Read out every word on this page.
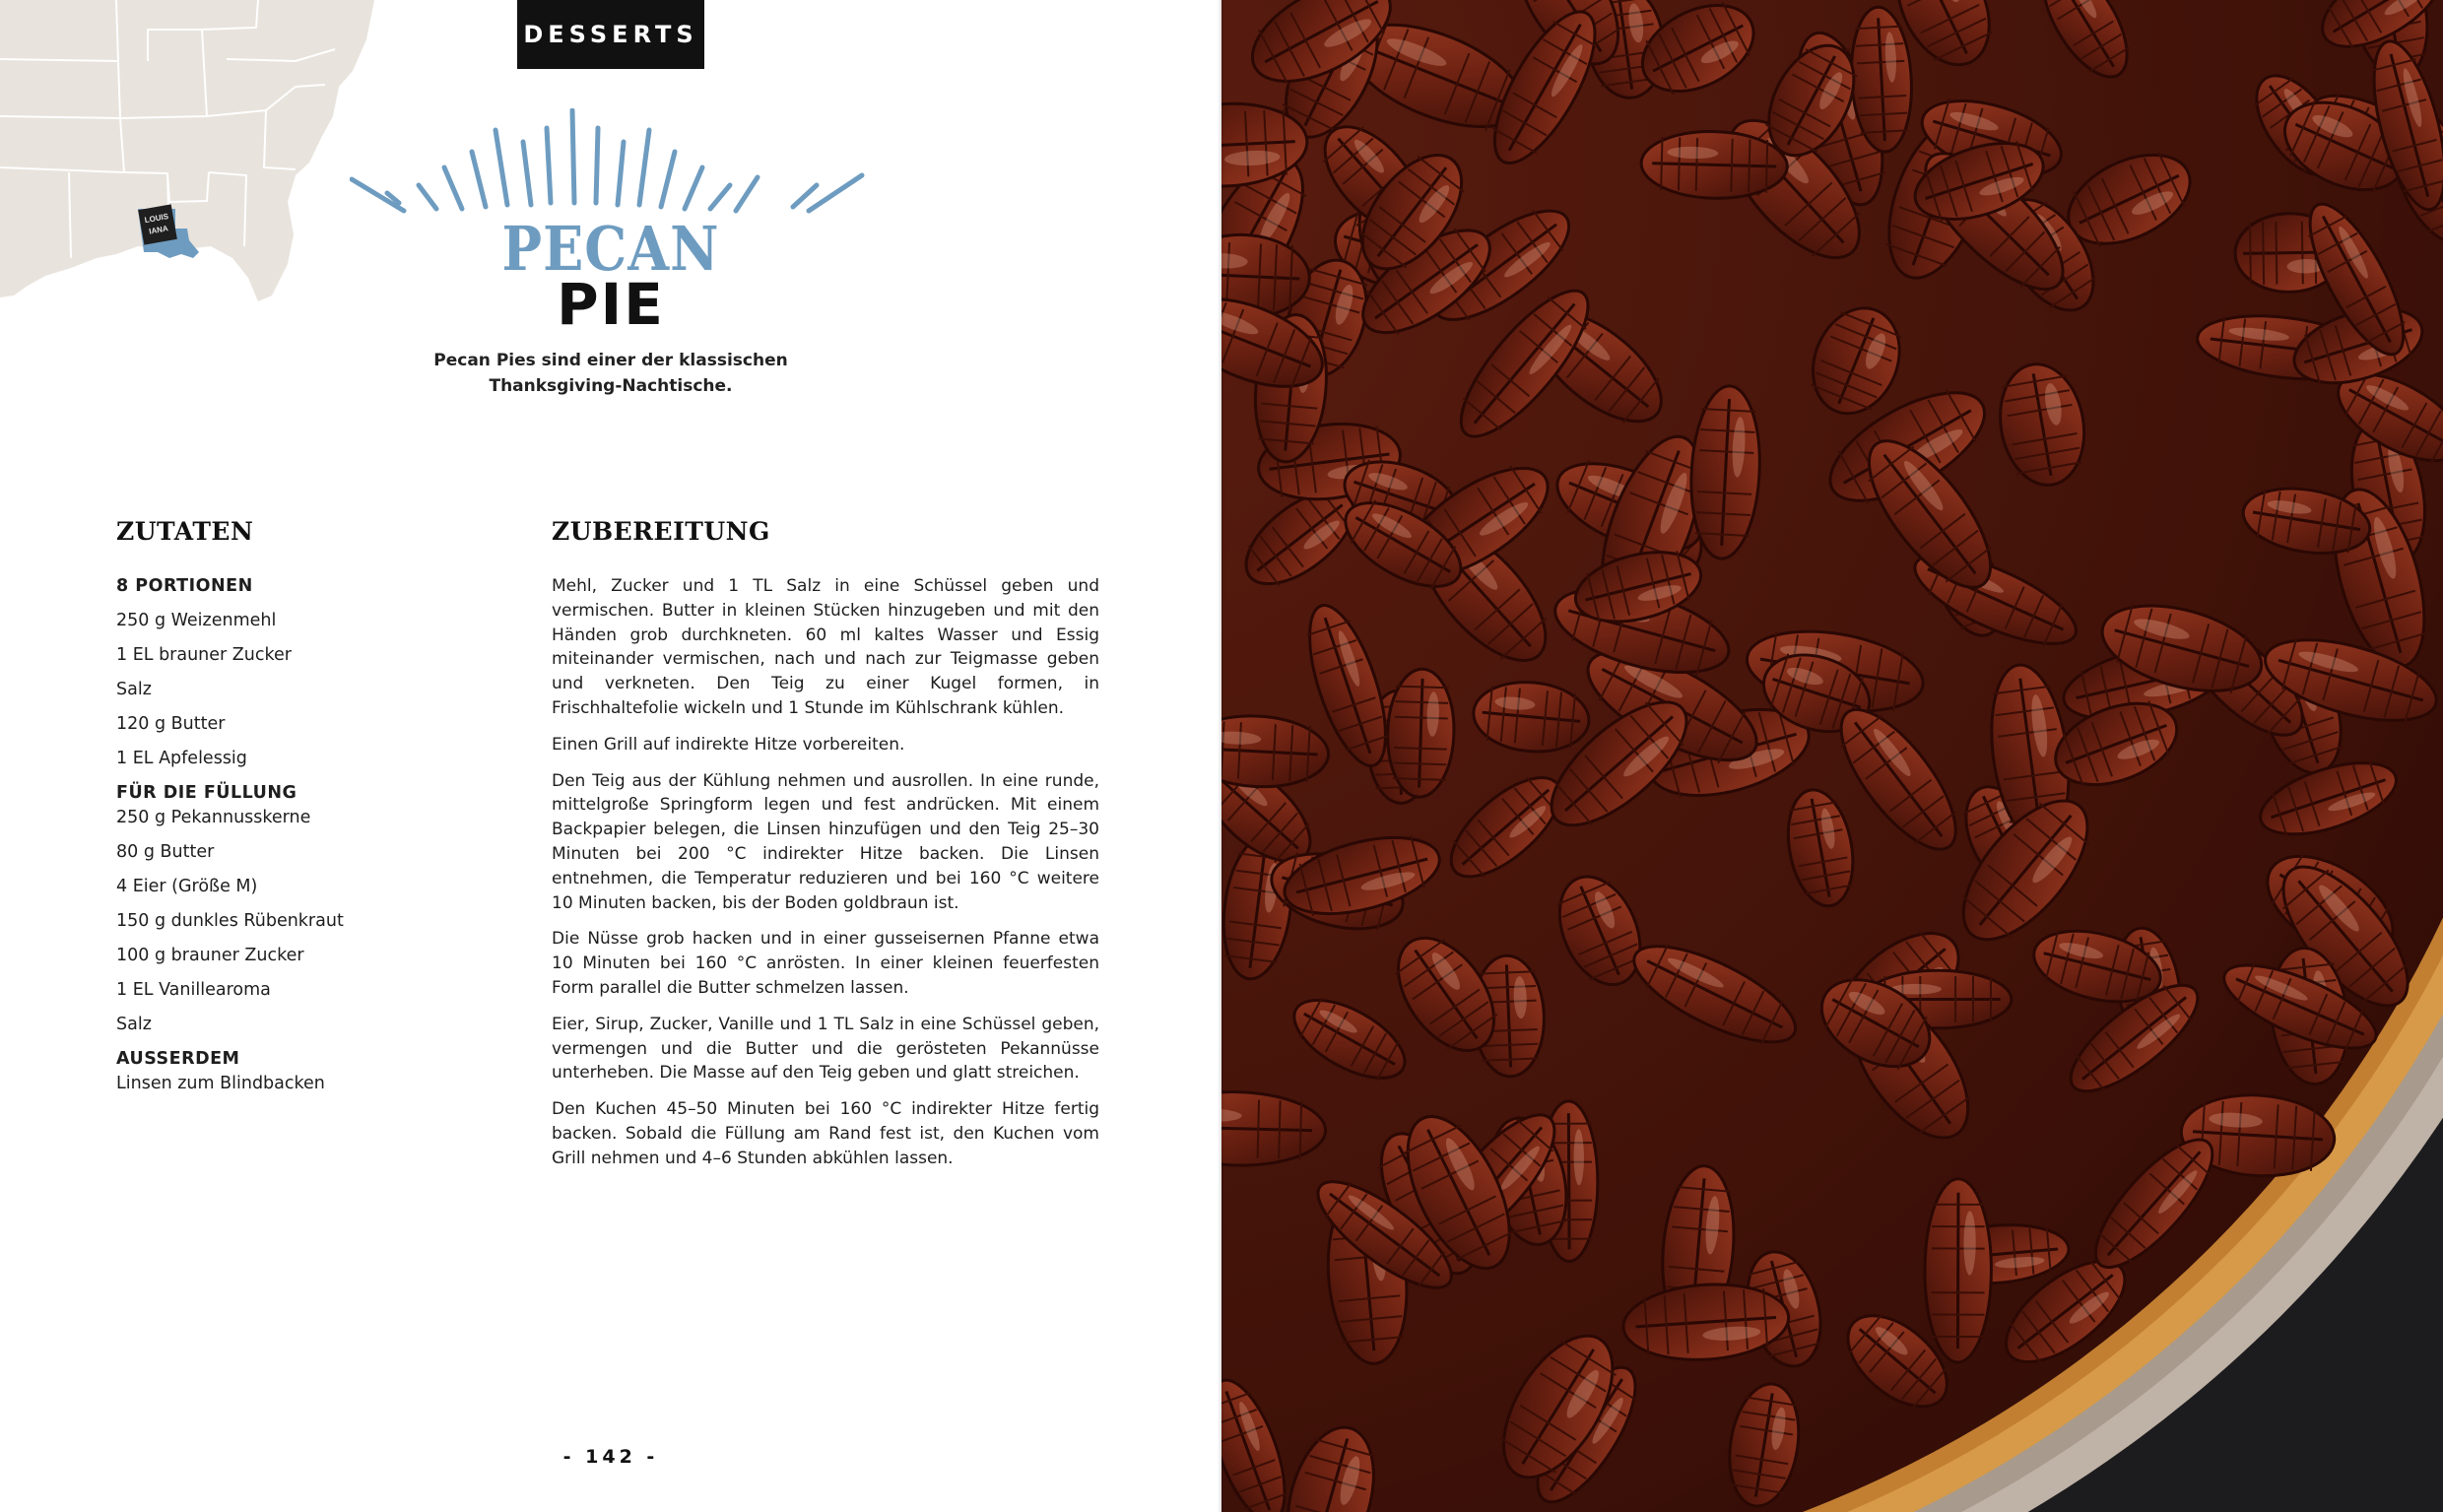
LOUIS
IANA
DESSERTS
PECAN
PIE
Pecan Pies sind einer der klassischen
Thanksgiving-Nachtische.
ZUTATEN
8 PORTIONEN
250 g Weizenmehl
1 EL brauner Zucker
Salz
120 g Butter
1 EL Apfelessig
FÜR DIE FÜLLUNG
250 g Pekannusskerne
80 g Butter
4 Eier (Größe M)
150 g dunkles Rübenkraut
100 g brauner Zucker
1 EL Vanillearoma
Salz
AUSSERDEM
Linsen zum Blindbacken
ZUBEREITUNG

Mehl, Zucker und 1 TL Salz in eine Schüssel geben und vermischen. Butter in kleinen Stücken hinzugeben und mit den Händen grob durchkneten. 60 ml kaltes Wasser und Essig miteinander vermischen, nach und nach zur Teigmasse geben und verkneten. Den Teig zu einer Kugel formen, in Frischhaltefolie wickeln und 1 Stunde im Kühlschrank kühlen.

Einen Grill auf indirekte Hitze vorbereiten.

Den Teig aus der Kühlung nehmen und ausrollen. In eine runde, mittelgroße Springform legen und fest andrücken. Mit einem Backpapier belegen, die Linsen hinzufügen und den Teig 25–30 Minuten bei 200 °C indirekter Hitze backen. Die Linsen entnehmen, die Temperatur reduzieren und bei 160 °C weitere 10 Minuten backen, bis der Boden goldbraun ist.

Die Nüsse grob hacken und in einer gusseisernen Pfanne etwa 10 Minuten bei 160 °C anrösten. In einer kleinen feuerfesten Form parallel die Butter schmelzen lassen.

Eier, Sirup, Zucker, Vanille und 1 TL Salz in eine Schüssel geben, vermengen und die Butter und die gerösteten Pekannüsse unterheben. Die Masse auf den Teig geben und glatt streichen.

Den Kuchen 45–50 Minuten bei 160 °C indirekter Hitze fertig backen. Sobald die Füllung am Rand fest ist, den Kuchen vom Grill nehmen und 4–6 Stunden abkühlen lassen.

- 142 -
